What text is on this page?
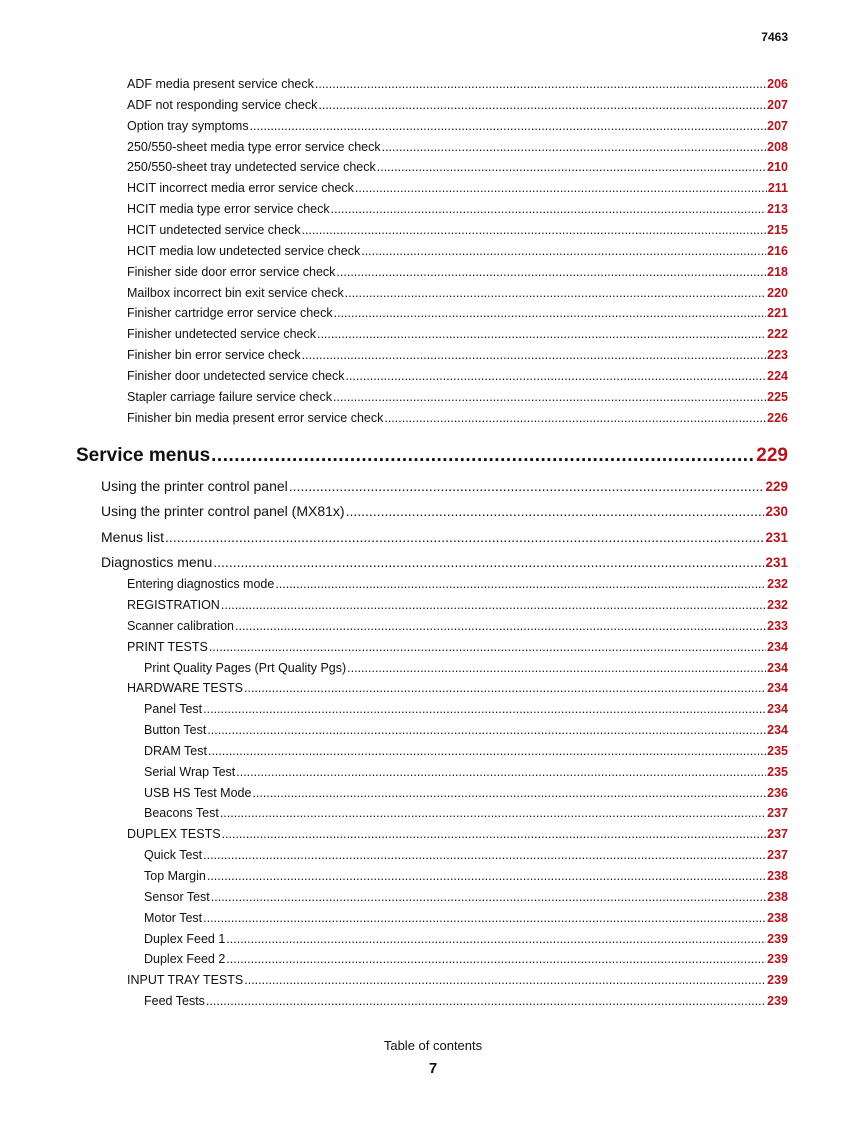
7463
ADF media present service check .....	206
ADF not responding service check .....	207
Option tray symptoms .....	207
250/550-sheet media type error service check .....	208
250/550-sheet tray undetected service check .....	210
HCIT incorrect media error service check .....	211
HCIT media type error service check .....	213
HCIT undetected service check .....	215
HCIT media low undetected service check .....	216
Finisher side door error service check .....	218
Mailbox incorrect bin exit service check .....	220
Finisher cartridge error service check .....	221
Finisher undetected service check .....	222
Finisher bin error service check .....	223
Finisher door undetected service check .....	224
Stapler carriage failure service check .....	225
Finisher bin media present error service check .....	226
Service menus .....	229
Using the printer control panel .....	229
Using the printer control panel (MX81x) .....	230
Menus list .....	231
Diagnostics menu .....	231
Entering diagnostics mode .....	232
REGISTRATION .....	232
Scanner calibration .....	233
PRINT TESTS .....	234
Print Quality Pages (Prt Quality Pgs) .....	234
HARDWARE TESTS .....	234
Panel Test .....	234
Button Test .....	234
DRAM Test .....	235
Serial Wrap Test .....	235
USB HS Test Mode .....	236
Beacons Test .....	237
DUPLEX TESTS .....	237
Quick Test .....	237
Top Margin .....	238
Sensor Test .....	238
Motor Test .....	238
Duplex Feed 1 .....	239
Duplex Feed 2 .....	239
INPUT TRAY TESTS .....	239
Feed Tests .....	239
Table of contents
7
